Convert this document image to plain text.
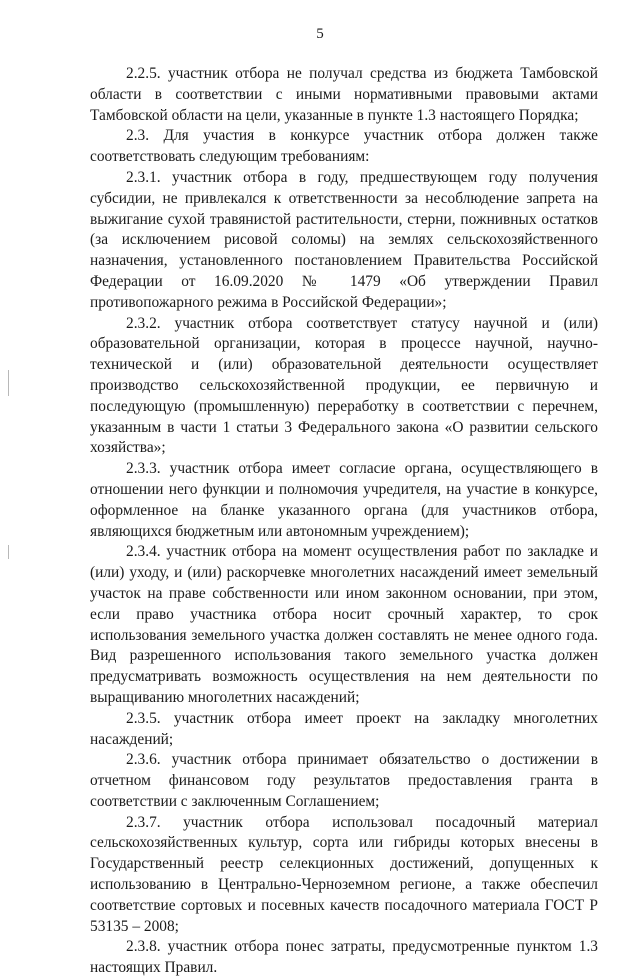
5

2.2.5. участник отбора не получал средства из бюджета Тамбовской области в соответствии с иными нормативными правовыми актами Тамбовской области на цели, указанные в пункте 1.3 настоящего Порядка;

2.3. Для участия в конкурсе участник отбора должен также соответствовать следующим требованиям:

2.3.1. участник отбора в году, предшествующем году получения субсидии, не привлекался к ответственности за несоблюдение запрета на выжигание сухой травянистой растительности, стерни, пожнивных остатков (за исключением рисовой соломы) на землях сельскохозяйственного назначения, установленного постановлением Правительства Российской Федерации от 16.09.2020 № 1479 «Об утверждении Правил противопожарного режима в Российской Федерации»;

2.3.2. участник отбора соответствует статусу научной и (или) образовательной организации, которая в процессе научной, научно-технической и (или) образовательной деятельности осуществляет производство сельскохозяйственной продукции, ее первичную и последующую (промышленную) переработку в соответствии с перечнем, указанным в части 1 статьи 3 Федерального закона «О развитии сельского хозяйства»;

2.3.3. участник отбора имеет согласие органа, осуществляющего в отношении него функции и полномочия учредителя, на участие в конкурсе, оформленное на бланке указанного органа (для участников отбора, являющихся бюджетным или автономным учреждением);

2.3.4. участник отбора на момент осуществления работ по закладке и (или) уходу, и (или) раскорчевке многолетних насаждений имеет земельный участок на праве собственности или ином законном основании, при этом, если право участника отбора носит срочный характер, то срок использования земельного участка должен составлять не менее одного года. Вид разрешенного использования такого земельного участка должен предусматривать возможность осуществления на нем деятельности по выращиванию многолетних насаждений;

2.3.5. участник отбора имеет проект на закладку многолетних насаждений;

2.3.6. участник отбора принимает обязательство о достижении в отчетном финансовом году результатов предоставления гранта в соответствии с заключенным Соглашением;

2.3.7. участник отбора использовал посадочный материал сельскохозяйственных культур, сорта или гибриды которых внесены в Государственный реестр селекционных достижений, допущенных к использованию в Центрально-Черноземном регионе, а также обеспечил соответствие сортовых и посевных качеств посадочного материала ГОСТ Р 53135 – 2008;

2.3.8. участник отбора понес затраты, предусмотренные пунктом 1.3 настоящих Правил.
